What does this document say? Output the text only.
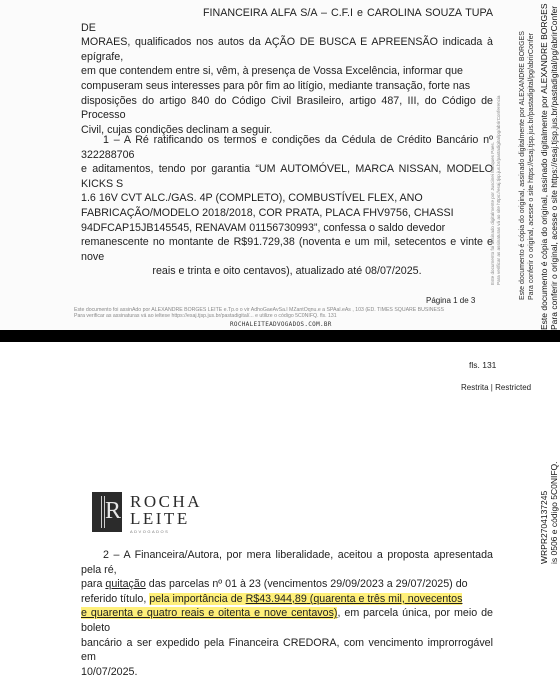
FINANCEIRA ALFA S/A – C.F.I e CAROLINA SOUZA TUPA DE
MORAES, qualificados nos autos da AÇÃO DE BUSCA E APREENSÃO indicada à epígrafe,
em que contendem entre si, vêm, à presença de Vossa Excelência, informar que
compuseram seus interesses para pôr fim ao litígio, mediante transação, forte nas
disposições do artigo 840 do Código Civil Brasileiro, artigo 487, III, do Código de Processo
Civil, cujas condições declinam a seguir.
1 – A Ré ratificando os termos e condições da Cédula de Crédito Bancário nº 322288706
e aditamentos, tendo por garantia “UM AUTOMÓVEL, MARCA NISSAN, MODELO KICKS S
1.6 16V CVT ALC./GAS. 4P (COMPLETO), COMBUSTÍVEL FLEX, ANO
FABRICAÇÃO/MODELO 2018/2018, COR PRATA, PLACA FHV9756, CHASSI
94DFCAP15JB145545, RENAVAM 01156730993”, confessa o saldo devedor
remanescente no montante de R$91.729,38 (noventa e um mil, setecentos e vinte e nove
reais e trinta e oito centavos), atualizado até 08/07/2025.
Página 1 de 3
Este documento foi assinAdo por ALEXANDRE BORGES LEITE e.Tp.o o vir AdhoGaeAvSa.l MZantOqnu.e a SPAal.eAs , 103 (ED. TIMES SQUARE BUSINESS
Para verificar as assinaturas vá ao ieltese https://esaj.tjsp.jus.br/pastadigital/... e utilize o código 5C0NIFQ. fls. 131
ROCHALEITEADVOGADOS.COM.BR
Este documento foi assinado digitalmente por Juscinei Marques Paes. Para verificar as assinaturas vá ao site https://esaj.tjsp.jus.br/pastadigital/pg/abrirConferencia	Este documento é cópia do original, assinado digitalmente por ALEXANDRE BORGES Para conferir o original, acesse o site https://esaj.tjsp.jus.br/pastadigital/pg/abrirConfer Este documento é cópia do original, assinado digitalmente por ALEXANDRE BORGES Para conferir o original, acesse o site https://esaj.tjsp.jus.br/pastadigital/pg/abrirConfer
fls. 131
Restrita | Restricted
R ROCHA
LEITE
ADVOGADOS
2 – A Financeira/Autora, por mera liberalidade, aceitou a proposta apresentada pela ré,
para quitação das parcelas nº 01 à 23 (vencimentos 29/09/2023 a 29/07/2025) do
referido título, pela importância de R$43.944,89 (quarenta e três mil, novecentos
e quarenta e quatro reais e oitenta e nove centavos), em parcela única, por meio de boleto
bancário a ser expedido pela Financeira CREDORA, com vencimento improrrogável em
10/07/2025.
WRPR2704137245 is 0506 e código 5C0NIFQ.
